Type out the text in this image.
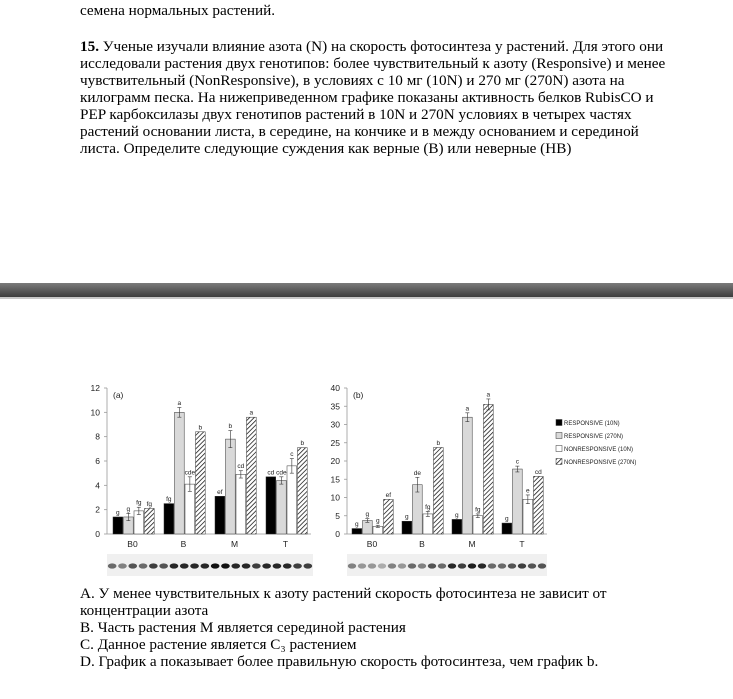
семена нормальных растений.
15. Ученые изучали влияние азота (N) на скорость фотосинтеза у растений. Для этого они
исследовали растения двух генотипов: более чувствительный к азоту (Responsive) и менее
чувствительный (NonResponsive), в условиях с 10 мг (10N) и 270 мг (270N) азота на
килограмм песка. На нижеприведенном графике показаны активность белков RubisCO и
PEP карбоксилазы двух генотипов растений в 10N и 270N условиях в четырех частях
растений основании листа, в середине, на кончике и в между основанием и серединой
листа. Определите следующие суждения как верные (В) или неверные (НВ)
0
2
4
6
8
10
12
(a)
g
g
fg fg
B0
fg
a
cde
b
B
ef
b
cd
a
M
cd cde
c
b
T
0
5
10
15
20
25
30
35
40
(b)
g
g
g
ef
B0
g
de
fg
b
B
g
a
fg
a
M
g
c
e
cd
T
RESPONSIVE (10N)
RESPONSIVE (270N)
NONRESPONSIVE (10N)
NONRESPONSIVE (270N)
A. У менее чувствительных к азоту растений скорость фотосинтеза не зависит от
концентрации азота
B. Часть растения M является серединой растения
C. Данное растение является C₃ растением
D. График a показывает более правильную скорость фотосинтеза, чем график b.
